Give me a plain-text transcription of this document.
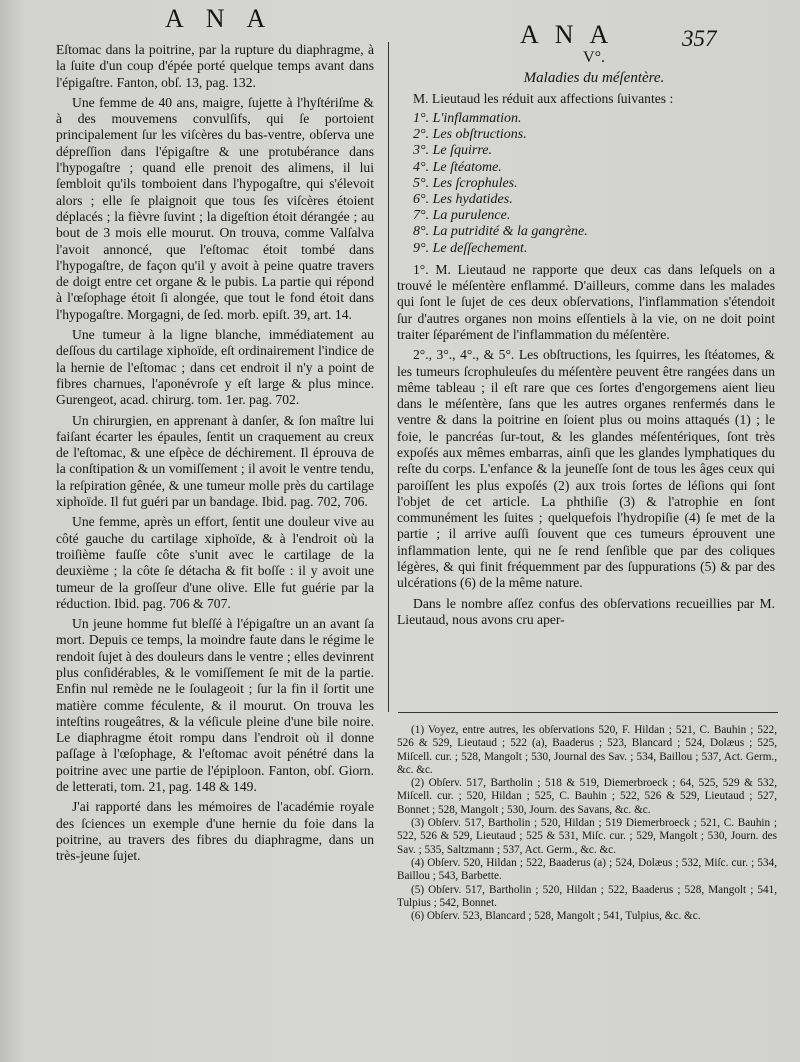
ANA
ANA	357

Eſtomac dans la poitrine, par la rupture du diaphragme, à la ſuite d'un coup d'épée porté quelque temps avant dans l'épigaſtre. Fanton, obſ. 13, pag. 132.

Une femme de 40 ans, maigre, ſujette à l'hyſtériſme & à des mouvemens convulſifs, qui ſe portoient principalement ſur les viſcères du bas-ventre, obſerva une dépreſſion dans l'épigaſtre & une protubérance dans l'hypogaſtre ; quand elle prenoit des alimens, il lui ſembloit qu'ils tomboient dans l'hypogaſtre, qui s'élevoit alors ; elle ſe plaignoit que tous ſes viſcères étoient déplacés ; la fièvre ſuvint ; la digeſtion étoit dérangée ; au bout de 3 mois elle mourut. On trouva, comme Valſalva l'avoit annoncé, que l'eſtomac étoit tombé dans l'hypogaſtre, de façon qu'il y avoit à peine quatre travers de doigt entre cet organe & le pubis. La partie qui répond à l'œſophage étoit ſi alongée, que tout le fond étoit dans l'hypogaſtre. Morgagni, de ſed. morb. epiſt. 39, art. 14.

Une tumeur à la ligne blanche, immédiatement au deſſous du cartilage xiphoïde, eſt ordinairement l'indice de la hernie de l'eſtomac ; dans cet endroit il n'y a point de fibres charnues, l'aponévroſe y eſt large & plus mince. Gurengeot, acad. chirurg. tom. 1er. pag. 702.

Un chirurgien, en apprenant à danſer, & ſon maître lui faiſant écarter les épaules, ſentit un craquement au creux de l'eſtomac, & une eſpèce de déchirement. Il éprouva de la conſtipation & un vomiſſement ; il avoit le ventre tendu, la reſpiration gênée, & une tumeur molle près du cartilage xiphoïde. Il fut guéri par un bandage. Ibid. pag. 702, 706.

Une femme, après un effort, ſentit une douleur vive au côté gauche du cartilage xiphoïde, & à l'endroit où la troiſième fauſſe côte s'unit avec le cartilage de la deuxième ; la côte ſe détacha & fit boſſe : il y avoit une tumeur de la groſſeur d'une olive. Elle fut guérie par la réduction. Ibid. pag. 706 & 707.

Un jeune homme fut bleſſé à l'épigaſtre un an avant ſa mort. Depuis ce temps, la moindre faute dans le régime le rendoit ſujet à des douleurs dans le ventre ; elles devinrent plus conſidérables, & le vomiſſement ſe mit de la partie. Enfin nul remède ne le ſoulageoit ; ſur la fin il ſortit une matière comme féculente, & il mourut. On trouva les inteſtins rougeâtres, & la véſicule pleine d'une bile noire. Le diaphragme étoit rompu dans l'endroit où il donne paſſage à l'œſophage, & l'eſtomac avoit pénétré dans la poitrine avec une partie de l'épiploon. Fanton, obſ. Giorn. de letterati, tom. 21, pag. 148 & 149.

J'ai rapporté dans les mémoires de l'académie royale des ſciences un exemple d'une hernie du foie dans la poitrine, au travers des fibres du diaphragme, dans un très-jeune ſujet.

V°.

Maladies du méſentère.

M. Lieutaud les réduit aux affections ſuivantes :

1°. L'inflammation.
2°. Les obſtructions.
3°. Le ſquirre.
4°. Le ſtéatome.
5°. Les ſcrophules.
6°. Les hydatides.
7°. La purulence.
8°. La putridité & la gangrène.
9°. Le deſſechement.

1°. M. Lieutaud ne rapporte que deux cas dans leſquels on a trouvé le méſentère enflammé. D'ailleurs, comme dans les malades qui ſont le ſujet de ces deux obſervations, l'inflammation s'étendoit ſur d'autres organes non moins eſſentiels à la vie, on ne doit point traiter ſéparément de l'inflammation du méſentère.

2°., 3°., 4°., & 5°. Les obſtructions, les ſquirres, les ſtéatomes, & les tumeurs ſcrophuleuſes du méſentère peuvent être rangées dans un même tableau ; il eſt rare que ces ſortes d'engorgemens aient lieu dans le méſentère, ſans que les autres organes renfermés dans le ventre & dans la poitrine en ſoient plus ou moins attaqués (1) ; le foie, le pancréas ſur-tout, & les glandes méſentériques, ſont très expoſés aux mêmes embarras, ainſi que les glandes lymphatiques du reſte du corps. L'enfance & la jeuneſſe ſont de tous les âges ceux qui paroiſſent les plus expoſés (2) aux trois ſortes de léſions qui ſont l'objet de cet article. La phthiſie (3) & l'atrophie en ſont communément les ſuites ; quelquefois l'hydropiſie (4) ſe met de la partie ; il arrive auſſi ſouvent que ces tumeurs éprouvent une inflammation lente, qui ne ſe rend ſenſible que par des coliques légères, & qui finit fréquemment par des ſuppurations (5) & par des ulcérations (6) de la même nature.

Dans le nombre aſſez confus des obſervations recueillies par M. Lieutaud, nous avons cru aper-

(1) Voyez, entre autres, les obſervations 520, F. Hildan ; 521, C. Bauhin ; 522, 526 & 529, Lieutaud ; 522 (a), Baaderus ; 523, Blancard ; 524, Dolæus ; 525, Miſcell. cur. ; 528, Mangolt ; 530, Journal des Sav. ; 534, Baillou ; 537, Act. Germ., &c. &c.

(2) Obſerv. 517, Bartholin ; 518 & 519, Diemerbroeck ; 64, 525, 529 & 532, Miſcell. cur. ; 520, Hildan ; 525, C. Bauhin ; 522, 526 & 529, Lieutaud ; 527, Bonnet ; 528, Mangolt ; 530, Journ. des Savans, &c. &c.

(3) Obſerv. 517, Bartholin ; 520, Hildan ; 519 Diemerbroeck ; 521, C. Bauhin ; 522, 526 & 529, Lieutaud ; 525 & 531, Miſc. cur. ; 529, Mangolt ; 530, Journ. des Sav. ; 535, Saltzmann ; 537, Act. Germ., &c. &c.

(4) Obſerv. 520, Hildan ; 522, Baaderus (a) ; 524, Dolæus ; 532, Miſc. cur. ; 534, Baillou ; 543, Barbette.

(5) Obſerv. 517, Bartholin ; 520, Hildan ; 522, Baaderus ; 528, Mangolt ; 541, Tulpius ; 542, Bonnet.

(6) Obſerv. 523, Blancard ; 528, Mangolt ; 541, Tulpius, &c. &c.
